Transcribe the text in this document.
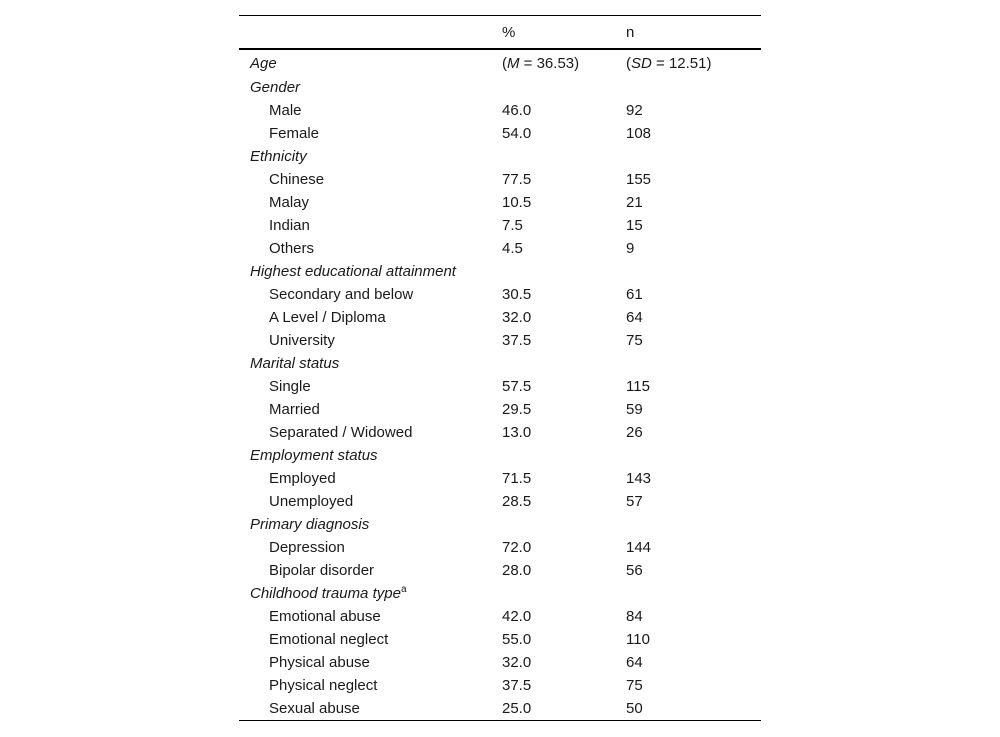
	%	n
Age	(M = 36.53)	(SD = 12.51)
Gender		
Male	46.0	92
Female	54.0	108
Ethnicity		
Chinese	77.5	155
Malay	10.5	21
Indian	7.5	15
Others	4.5	9
Highest educational attainment		
Secondary and below	30.5	61
A Level / Diploma	32.0	64
University	37.5	75
Marital status		
Single	57.5	115
Married	29.5	59
Separated / Widowed	13.0	26
Employment status		
Employed	71.5	143
Unemployed	28.5	57
Primary diagnosis		
Depression	72.0	144
Bipolar disorder	28.0	56
Childhood trauma type$^a$		
Emotional abuse	42.0	84
Emotional neglect	55.0	110
Physical abuse	32.0	64
Physical neglect	37.5	75
Sexual abuse	25.0	50
